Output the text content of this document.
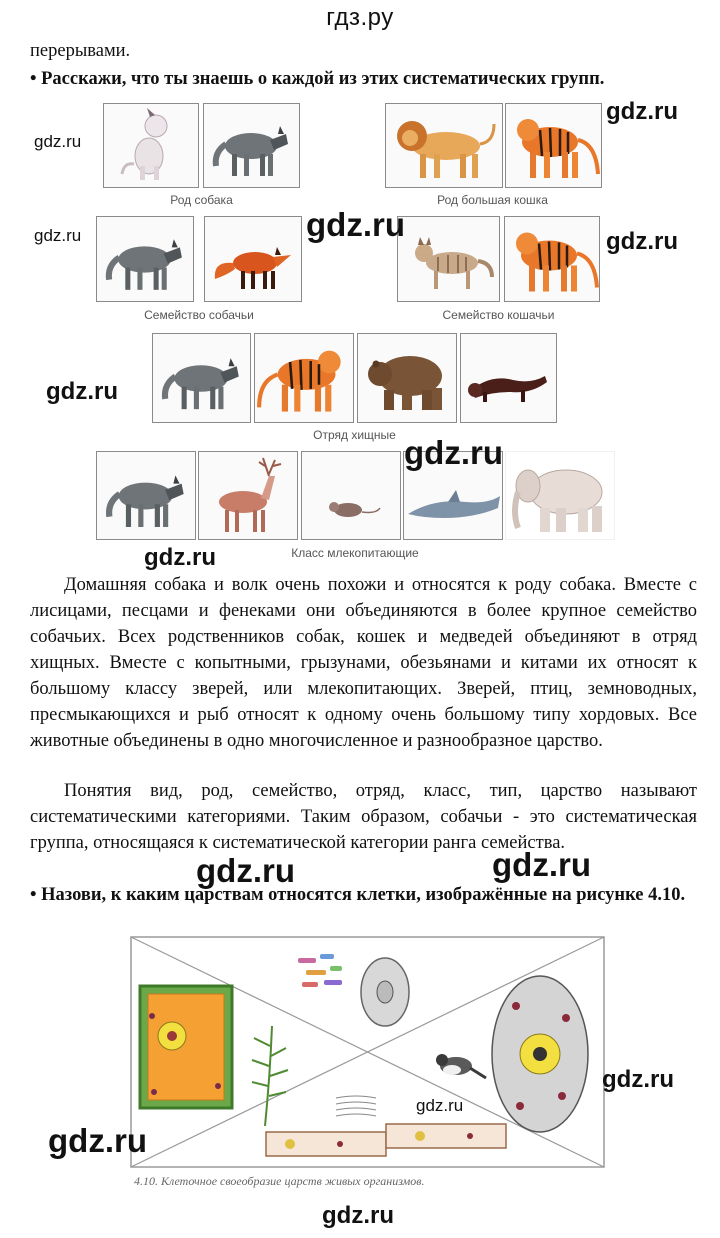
гдз.ру
перерывами.
• Расскажи, что ты знаешь о каждой из этих систематических групп.
Род собака	Род большая кошка
gdz.ru
gdz.ru
Семейство собачьи	Семейство кошачьи
gdz.ru	gdz.ru	gdz.ru
Отряд хищные
gdz.ru
Класс млекопитающие
gdz.ru
gdz.ru
Домашняя собака и волк очень похожи и относятся к роду собака. Вместе с лисицами, песцами и фенеками они объединяются в более крупное семейство собачьих. Всех родственников собак, кошек и медведей объединяют в отряд хищных. Вместе с копытными, грызунами, обезьянами и китами их относят к большому классу зверей, или млекопитающих. Зверей, птиц, земноводных, пресмыкающихся и рыб относят к одному очень большому типу хордовых. Все животные объединены в одно многочисленное и разнообразное царство.
Понятия вид, род, семейство, отряд, класс, тип, царство называют систематическими категориями. Таким образом, собачьи - это систематическая группа, относящаяся к систематической категории ранга семейства.
gdz.ru	gdz.ru
• Назови, к каким царствам относятся клетки, изображённые на рисунке 4.10.
gdz.ru
gdz.ru
gdz.ru
4.10. Клеточное своеобразие царств живых организмов.
gdz.ru
